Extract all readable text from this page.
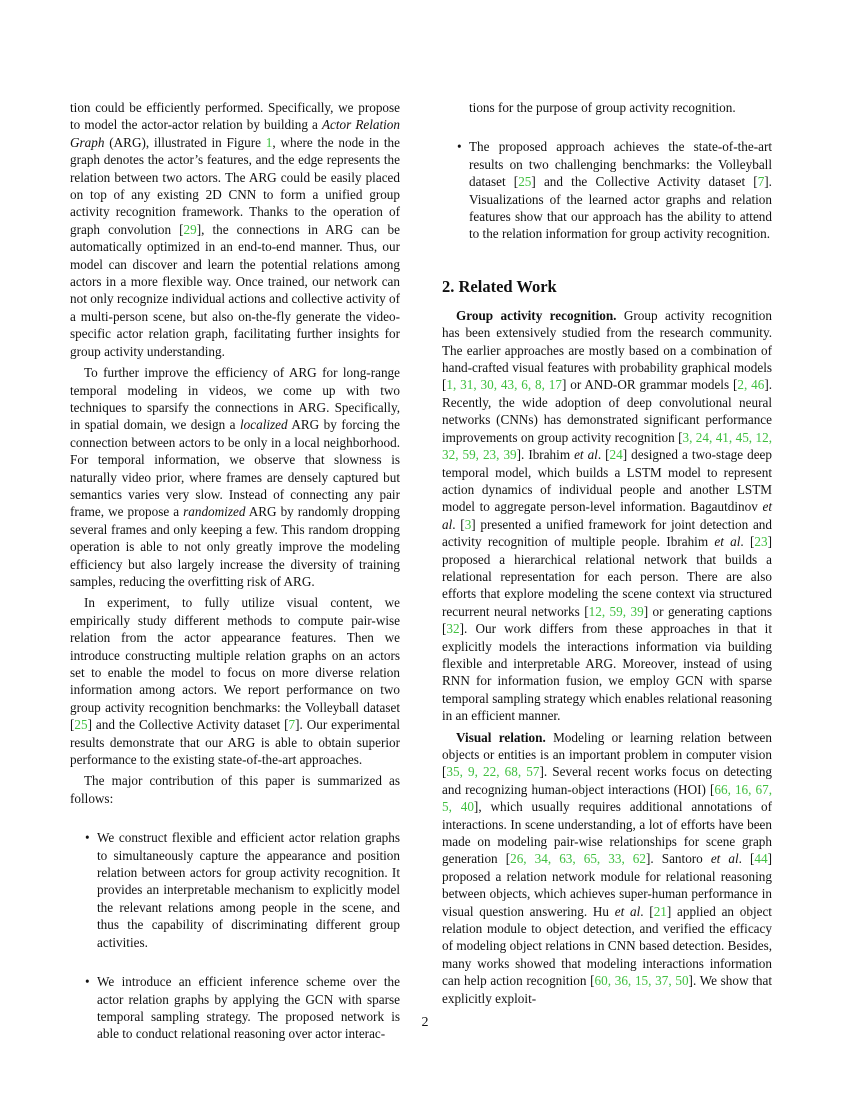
tion could be efficiently performed. Specifically, we propose to model the actor-actor relation by building a Actor Relation Graph (ARG), illustrated in Figure 1, where the node in the graph denotes the actor’s features, and the edge represents the relation between two actors. The ARG could be easily placed on top of any existing 2D CNN to form a unified group activity recognition framework. Thanks to the operation of graph convolution [29], the connections in ARG can be automatically optimized in an end-to-end manner. Thus, our model can discover and learn the potential relations among actors in a more flexible way. Once trained, our network can not only recognize individual actions and collective activity of a multi-person scene, but also on-the-fly generate the video-specific actor relation graph, facilitating further insights for group activity understanding.

To further improve the efficiency of ARG for long-range temporal modeling in videos, we come up with two techniques to sparsify the connections in ARG. Specifically, in spatial domain, we design a localized ARG by forcing the connection between actors to be only in a local neighborhood. For temporal information, we observe that slowness is naturally video prior, where frames are densely captured but semantics varies very slow. Instead of connecting any pair frame, we propose a randomized ARG by randomly dropping several frames and only keeping a few. This random dropping operation is able to not only greatly improve the modeling efficiency but also largely increase the diversity of training samples, reducing the overfitting risk of ARG.

In experiment, to fully utilize visual content, we empirically study different methods to compute pair-wise relation from the actor appearance features. Then we introduce constructing multiple relation graphs on an actors set to enable the model to focus on more diverse relation information among actors. We report performance on two group activity recognition benchmarks: the Volleyball dataset [25] and the Collective Activity dataset [7]. Our experimental results demonstrate that our ARG is able to obtain superior performance to the existing state-of-the-art approaches.

The major contribution of this paper is summarized as follows:

• We construct flexible and efficient actor relation graphs to simultaneously capture the appearance and position relation between actors for group activity recognition. It provides an interpretable mechanism to explicitly model the relevant relations among people in the scene, and thus the capability of discriminating different group activities.
• We introduce an efficient inference scheme over the actor relation graphs by applying the GCN with sparse temporal sampling strategy. The proposed network is able to conduct relational reasoning over actor interac-
tions for the purpose of group activity recognition.
• The proposed approach achieves the state-of-the-art results on two challenging benchmarks: the Volleyball dataset [25] and the Collective Activity dataset [7]. Visualizations of the learned actor graphs and relation features show that our approach has the ability to attend to the relation information for group activity recognition.
2. Related Work

Group activity recognition. Group activity recognition has been extensively studied from the research community. The earlier approaches are mostly based on a combination of hand-crafted visual features with probability graphical models [1, 31, 30, 43, 6, 8, 17] or AND-OR grammar models [2, 46]. Recently, the wide adoption of deep convolutional neural networks (CNNs) has demonstrated significant performance improvements on group activity recognition [3, 24, 41, 45, 12, 32, 59, 23, 39]. Ibrahim et al. [24] designed a two-stage deep temporal model, which builds a LSTM model to represent action dynamics of individual people and another LSTM model to aggregate person-level information. Bagautdinov et al. [3] presented a unified framework for joint detection and activity recognition of multiple people. Ibrahim et al. [23] proposed a hierarchical relational network that builds a relational representation for each person. There are also efforts that explore modeling the scene context via structured recurrent neural networks [12, 59, 39] or generating captions [32]. Our work differs from these approaches in that it explicitly models the interactions information via building flexible and interpretable ARG. Moreover, instead of using RNN for information fusion, we employ GCN with sparse temporal sampling strategy which enables relational reasoning in an efficient manner.

Visual relation. Modeling or learning relation between objects or entities is an important problem in computer vision [35, 9, 22, 68, 57]. Several recent works focus on detecting and recognizing human-object interactions (HOI) [66, 16, 67, 5, 40], which usually requires additional annotations of interactions. In scene understanding, a lot of efforts have been made on modeling pair-wise relationships for scene graph generation [26, 34, 63, 65, 33, 62]. Santoro et al. [44] proposed a relation network module for relational reasoning between objects, which achieves super-human performance in visual question answering. Hu et al. [21] applied an object relation module to object detection, and verified the efficacy of modeling object relations in CNN based detection. Besides, many works showed that modeling interactions information can help action recognition [60, 36, 15, 37, 50]. We show that explicitly exploit-

2
